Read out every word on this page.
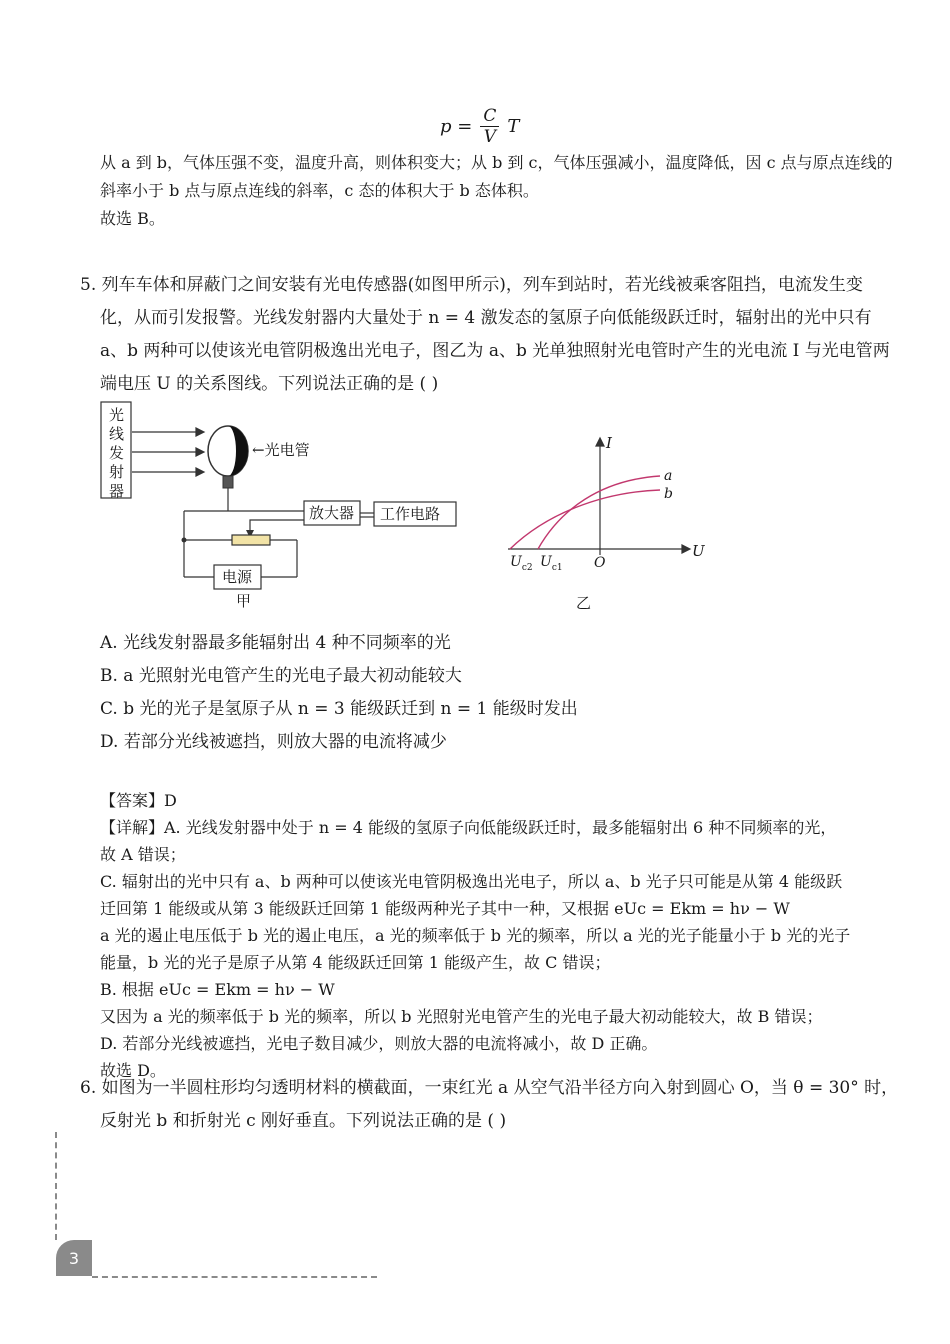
$p = \frac{C}{V}$ T
从 a 到 b，气体压强不变，温度升高，则体积变大；从 b 到 c，气体压强减小，温度降低，因 c 点与原点连线的
斜率小于 b 点与原点连线的斜率，c 态的体积大于 b 态体积。
故选 B。
5. 列车车体和屏蔽门之间安装有光电传感器(如图甲所示)，列车到站时，若光线被乘客阻挡，电流发生变
化，从而引发报警。光线发射器内大量处于 n = 4 激发态的氢原子向低能级跃迁时，辐射出的光中只有
a、b 两种可以使该光电管阴极逸出光电子，图乙为 a、b 光单独照射光电管时产生的光电流 I 与光电管两
端电压 U 的关系图线。下列说法正确的是 ( )
光
线
发
射
器
←光电管
放大器 工作电路
电源
甲
I
U
O
a
b
$U_{c2}$ $U_{c1}$
乙
A. 光线发射器最多能辐射出 4 种不同频率的光
B. a 光照射光电管产生的光电子最大初动能较大
C. b 光的光子是氢原子从 n = 3 能级跃迁到 n = 1 能级时发出
D. 若部分光线被遮挡，则放大器的电流将减少
【答案】D
【详解】A. 光线发射器中处于 n = 4 能级的氢原子向低能级跃迁时，最多能辐射出 6 种不同频率的光，
故 A 错误；
C. 辐射出的光中只有 a、b 两种可以使该光电管阴极逸出光电子，所以 a、b 光子只可能是从第 4 能级跃
迁回第 1 能级或从第 3 能级跃迁回第 1 能级两种光子其中一种，又根据 eUc = Ekm = hν − W
a 光的遏止电压低于 b 光的遏止电压，a 光的频率低于 b 光的频率，所以 a 光的光子能量小于 b 光的光子
能量，b 光的光子是原子从第 4 能级跃迁回第 1 能级产生，故 C 错误；
B. 根据 eUc = Ekm = hν − W
又因为 a 光的频率低于 b 光的频率，所以 b 光照射光电管产生的光电子最大初动能较大，故 B 错误；
D. 若部分光线被遮挡，光电子数目减少，则放大器的电流将减小，故 D 正确。
故选 D。
6. 如图为一半圆柱形均匀透明材料的横截面，一束红光 a 从空气沿半径方向入射到圆心 O，当 θ = 30° 时，
反射光 b 和折射光 c 刚好垂直。下列说法正确的是 ( )
3
